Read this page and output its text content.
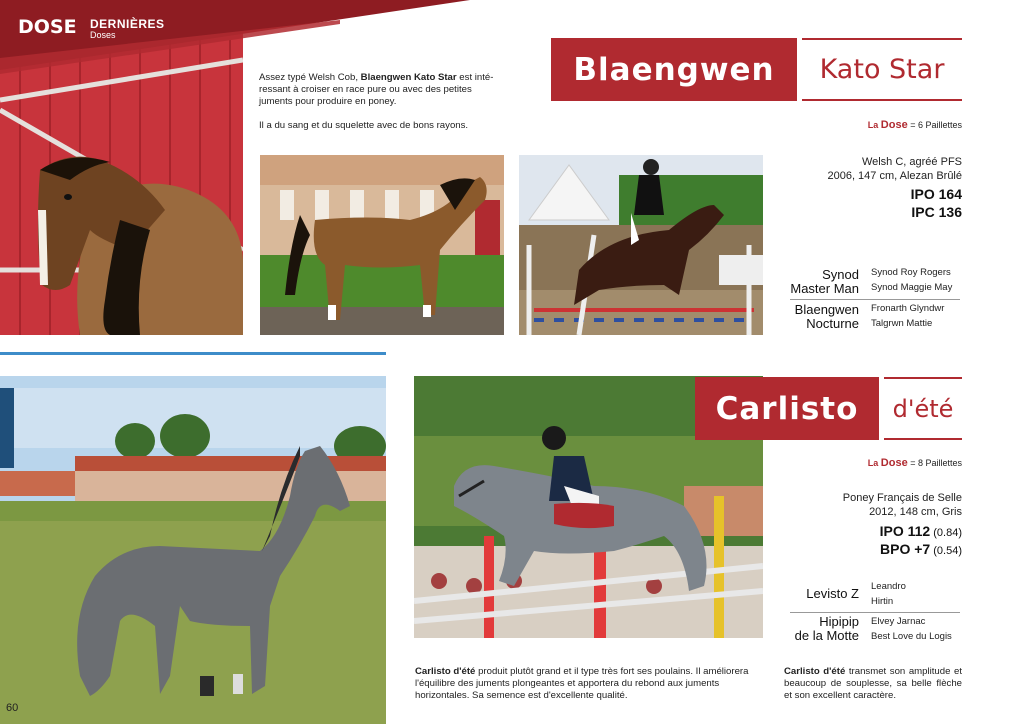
DOSE DERNIÈRES
Doses
Assez typé Welsh Cob, Blaengwen Kato Star est inté-ressant à croiser en race pure ou avec des petites juments pour produire en poney.
Il a du sang et du squelette avec de bons rayons.
Blaengwen	Kato Star
La Dose = 6 Paillettes
Welsh C, agréé PFS
2006, 147 cm, Alezan Brûlé
IPO 164
IPC 136
Synod
Master Man
Synod Roy Rogers
Synod Maggie May
Blaengwen
Nocturne
Fronarth Glyndwr
Talgrwn Mattie
60
Carlisto	d'été
La Dose = 8 Paillettes
Poney Français de Selle
2012, 148 cm, Gris
IPO 112 (0.84)
BPO +7 (0.54)
Levisto Z Leandro
Hirtin
Hipipip
de la Motte
Elvey Jarnac
Best Love du Logis
Carlisto d'été produit plutôt grand et il type très fort ses poulains. Il améliorera l'équilibre des juments plongeantes et apportera du rebond aux juments horizontales. Sa semence est d'excellente qualité.
Carlisto d'été transmet son amplitude et beaucoup de souplesse, sa belle flèche et son excellent caractère.
